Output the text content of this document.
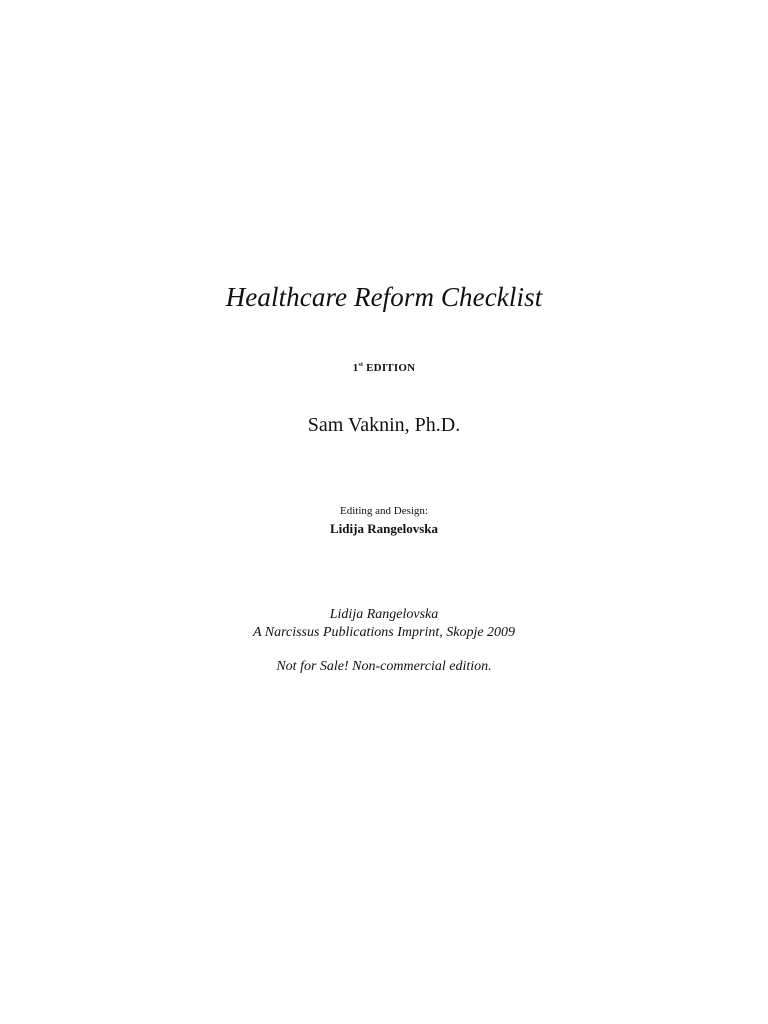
Healthcare Reform Checklist
1st EDITION
Sam Vaknin, Ph.D.
Editing and Design:
Lidija Rangelovska
Lidija Rangelovska
A Narcissus Publications Imprint, Skopje 2009
Not for Sale! Non-commercial edition.
